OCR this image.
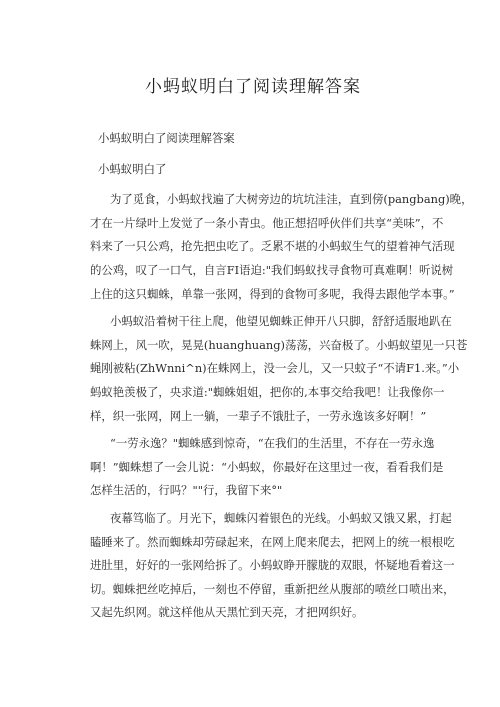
小蚂蚁明白了阅读理解答案

小蚂蚁明白了阅读理解答案

小蚂蚁明白了

为了觅食，小蚂蚁找遍了大树旁边的坑坑洼洼，直到傍(pangbang)晚，

才在一片绿叶上发觉了一条小青虫。他正想招呼伙伴们共享“美味”，不

料来了一只公鸡，抢先把虫吃了。乏累不堪的小蚂蚁生气的望着神气活现

的公鸡，叹了一口气，自言FI语迫:"我们蚂蚁找寻食物可真难啊！听说树

上住的这只蜘蛛，单靠一张网，得到的食物可多呢，我得去跟他学本事。”

小蚂蚁沿着树干往上爬，他望见蜘蛛正伸开八只脚，舒舒适服地趴在

蛛网上，风一吹，晃晃(huanghuang)荡荡，兴奋极了。小蚂蚁望见一只苍

蝇刚被粘(ZhWnni^n)在蛛网上，没一会儿，又一只蚊子“不请F1.来。”小

蚂蚁艳羡极了，央求道:"蜘蛛姐姐，把你的,本事交给我吧！让我像你一

样，织一张网，网上一躺，一辈子不饿肚子，一劳永逸该多好啊！”

“一劳永逸？"蜘蛛感到惊奇，“在我们的生活里，不存在一劳永逸

啊！”蜘蛛想了一会儿说：“小蚂蚁，你最好在这里过一夜，看看我们是

怎样生活的，行吗？""行，我留下来°"

夜幕笃临了。月光下，蜘蛛闪着银色的光线。小蚂蚁又饿又累，打起

瞌睡来了。然而蜘蛛却劳碌起来，在网上爬来爬去，把网上的统一根根吃

进肚里，好好的一张网给拆了。小蚂蚁睁开朦胧的双眼，怀疑地看着这一

切。蜘蛛把丝吃掉后，一刻也不停留，重新把丝从腹部的喷丝口喷出来，

又起先织网。就这样他从天黑忙到天亮，才把网织好。
